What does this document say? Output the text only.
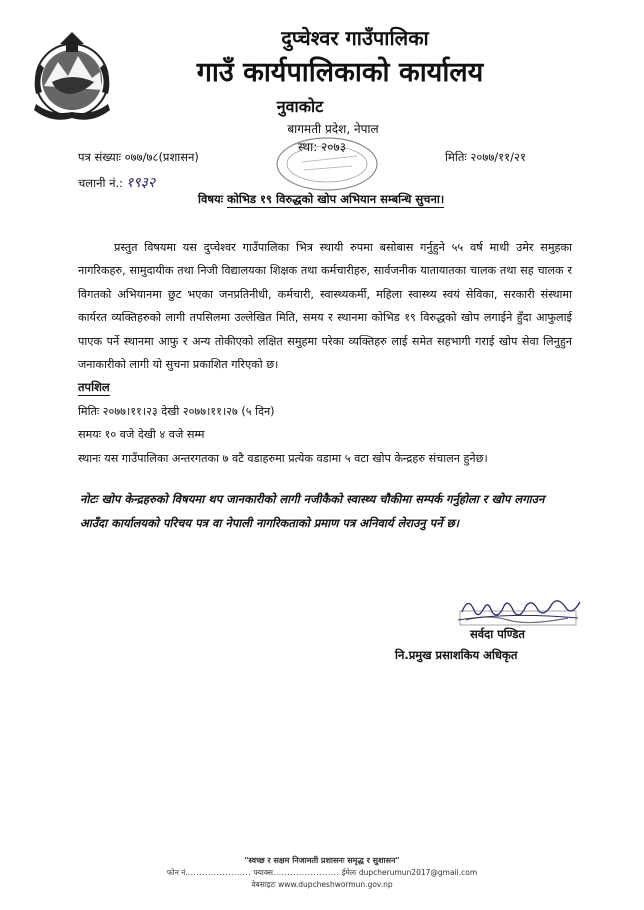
दुप्चेश्वर गाउँपालिका
गाउँ कार्यपालिकाको कार्यालय
नुवाकोट
बागमती प्रदेश, नेपाल
स्था: २०७३
पत्र संख्याः ०७७/७८(प्रशासन)
चलानी नं.: १९३२
मितिः २०७७/११/२१
विषयः कोभिड १९ विरुद्धको खोप अभियान सम्बन्धि सुचना।

प्रस्तुत विषयमा यस दुप्चेश्वर गाउँपालिका भित्र स्थायी रुपमा बसोबास गर्नुहुने ५५ वर्ष माथी उमेर समुहका नागरिकहरु, सामुदायीक तथा निजी विद्यालयका शिक्षक तथा कर्मचारीहरु, सार्वजनीक यातायातका चालक तथा सह चालक र विगतको अभियानमा छुट भएका जनप्रतिनीधी, कर्मचारी, स्वास्थ्यकर्मी, महिला स्वास्थ्य स्वयं सेविका, सरकारी संस्थामा कार्यरत व्यक्तिहरुको लागी तपसिलमा उल्लेखित मिति, समय र स्थानमा कोभिड १९ विरुद्धको खोप लगाईने हुँदा आफुलाई पाएक पर्ने स्थानमा आफु र अन्य तोकीएको लक्षित समुहमा परेका व्यक्तिहरु लाई समेत सहभागी गराई खोप सेवा लिनुहुन जनाकारीको लागी यो सुचना प्रकाशित गरिएको छ।

तपशिल
मितिः २०७७।११।२३ देखी २०७७।११।२७ (५ दिन)
समयः १० वजे देखी ४ वजे सम्म
स्थानः यस गाउँपालिका अन्तरगतका ७ वटै वडाहरुमा प्रत्येक वडामा ५ वटा खोप केन्द्रहरु संचालन हुनेछ।

नोटः खोप केन्द्रहरुको विषयमा थप जानकारीको लागी नजीकैको स्वास्थ्य चौकीमा सम्पर्क गर्नुहोला र खोप लगाउन आउँदा कार्यालयको परिचय पत्र वा नेपाली नागरिकताको प्रमाण पत्र अनिवार्य लेराउनु पर्ने छ।

सर्वदा पण्डित
नि.प्रमुख प्रसाशकिय अधिकृत
"स्वच्छ र सक्षम निजामती प्रशासनः समृद्ध र सुशासन"
फोन नं....................... फ्याक्स....................... ईमेलः dupcherumun2017@gmail.com
वेबसाइटः www.dupcheshwormun.gov.np
